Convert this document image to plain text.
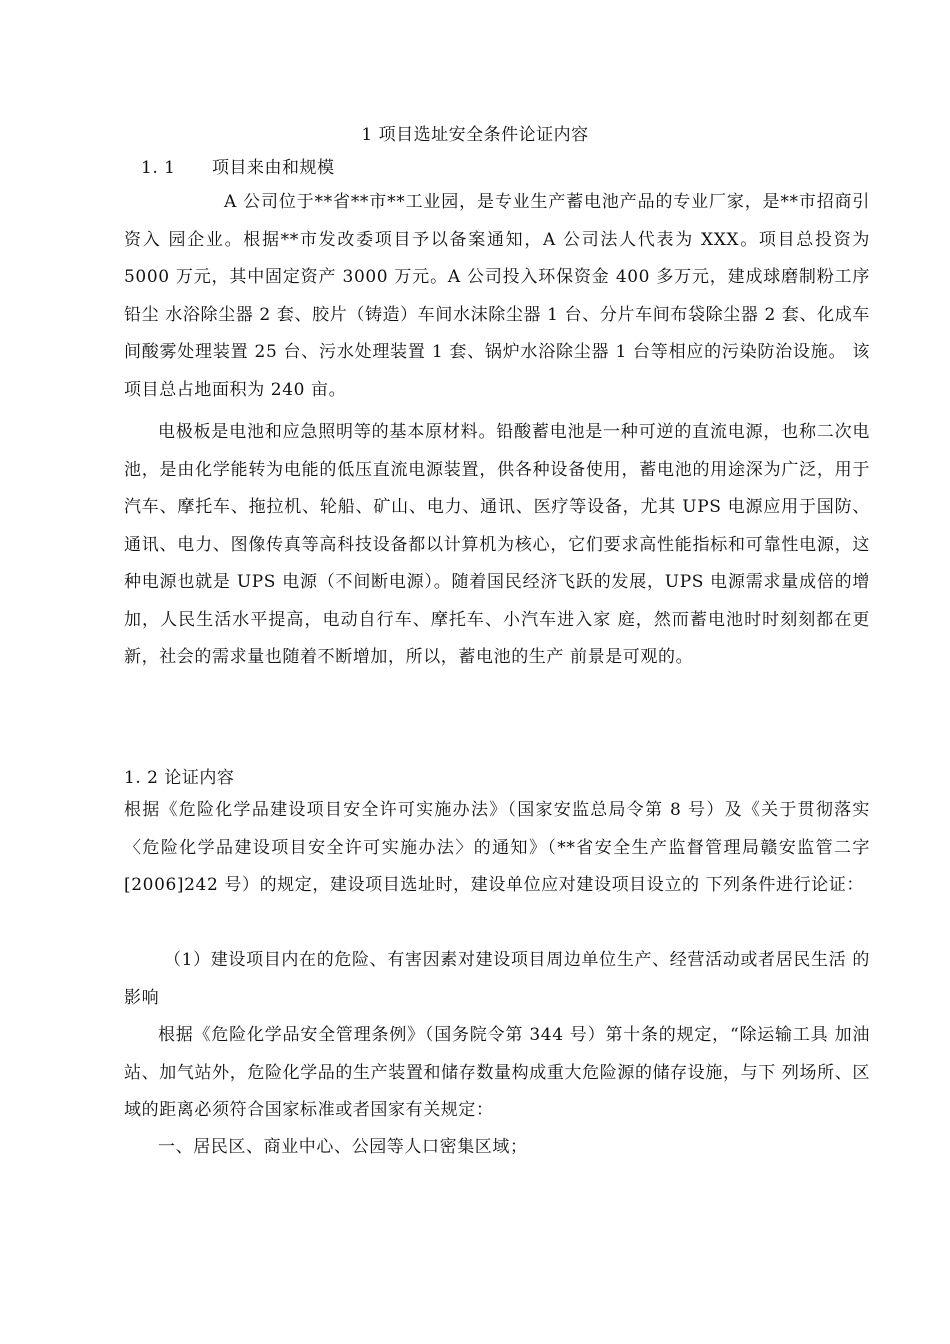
1 项目选址安全条件论证内容
1. 1 项目来由和规模

A 公司位于**省**市**工业园，是专业生产蓄电池产品的专业厂家，是**市招商引资入 园企业。根据**市发改委项目予以备案通知，A 公司法人代表为 XXX。项目总投资为 5000 万元，其中固定资产 3000 万元。A 公司投入环保资金 400 多万元，建成球磨制粉工序铅尘 水浴除尘器 2 套、胶片（铸造）车间水沫除尘器 1 台、分片车间布袋除尘器 2 套、化成车 间酸雾处理装置 25 台、污水处理装置 1 套、锅炉水浴除尘器 1 台等相应的污染防治设施。 该项目总占地面积为 240 亩。

电极板是电池和应急照明等的基本原材料。铅酸蓄电池是一种可逆的直流电源，也称二次电池，是由化学能转为电能的低压直流电源装置，供各种设备使用，蓄电池的用途深为广泛，用于汽车、摩托车、拖拉机、轮船、矿山、电力、通讯、医疗等设备，尤其 UPS 电源应用于国防、通讯、电力、图像传真等高科技设备都以计算机为核心，它们要求高性能指标和可靠性电源，这种电源也就是 UPS 电源（不间断电源）。随着国民经济飞跃的发展，UPS 电源需求量成倍的增加，人民生活水平提高，电动自行车、摩托车、小汽车进入家 庭，然而蓄电池时时刻刻都在更新，社会的需求量也随着不断增加，所以，蓄电池的生产 前景是可观的。

1. 2 论证内容

根据《危险化学品建设项目安全许可实施办法》（国家安监总局令第 8 号）及《关于贯彻落实〈危险化学品建设项目安全许可实施办法〉的通知》（**省安全生产监督管理局赣安监管二字[2006]242 号）的规定，建设项目选址时，建设单位应对建设项目设立的 下列条件进行论证：

（1）建设项目内在的危险、有害因素对建设项目周边单位生产、经营活动或者居民生活 的影响

根据《危险化学品安全管理条例》（国务院令第 344 号）第十条的规定，“除运输工具 加油站、加气站外，危险化学品的生产装置和储存数量构成重大危险源的储存设施，与下 列场所、区域的距离必须符合国家标准或者国家有关规定：

一、居民区、商业中心、公园等人口密集区域；
